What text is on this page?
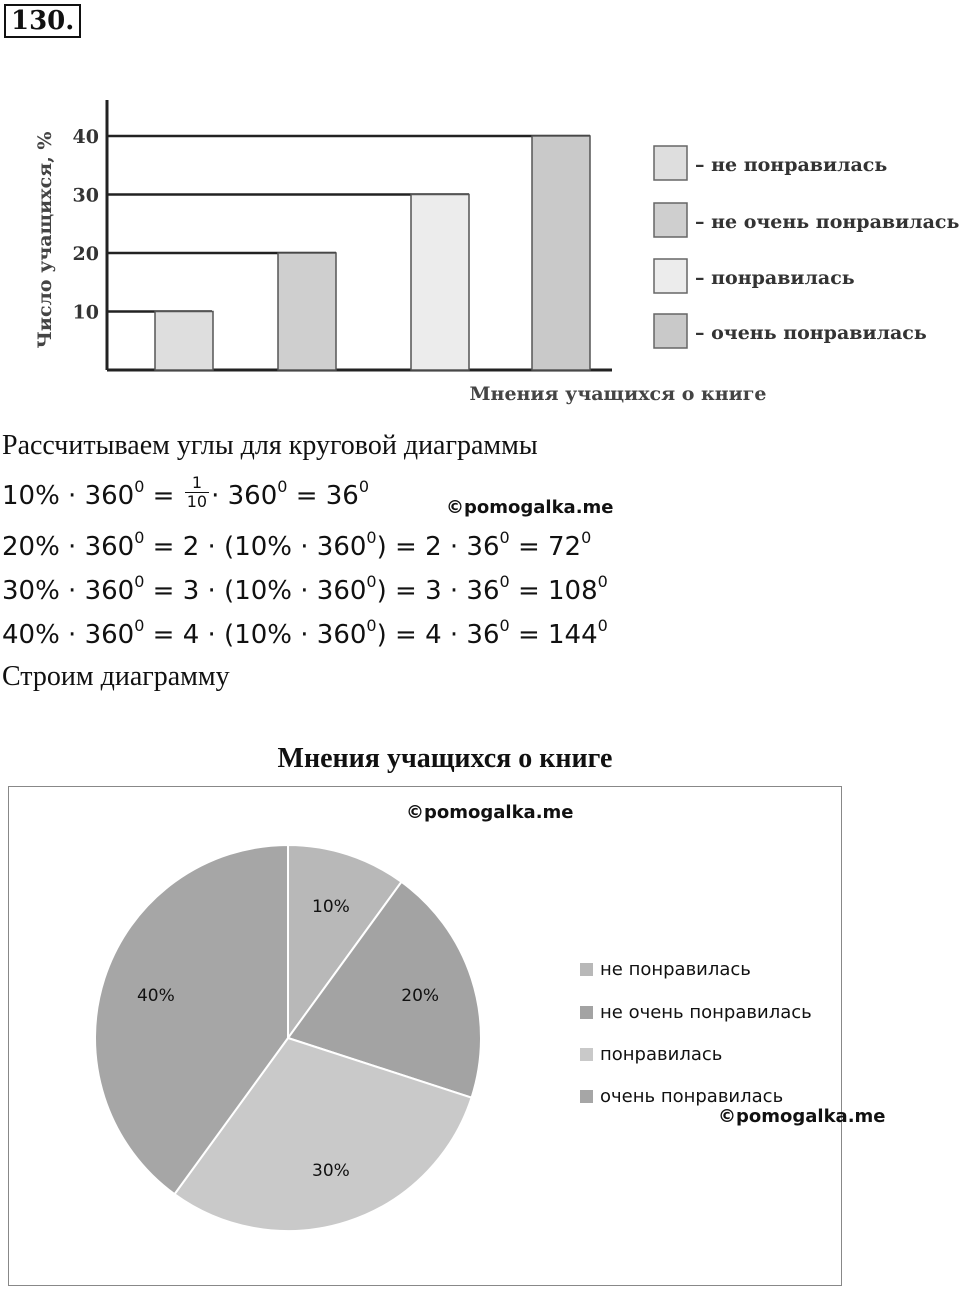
130.
10
20
30
40
Число учащихся, %
Мнения учащихся о книге
– не понравилась
– не очень понравилась
– понравилась
– очень понравилась
Рассчитываем углы для круговой диаграммы
$10\% \cdot 360^0 = \frac{1}{10} \cdot 360^0 = 36^0$
©pomogalka.me
$20\% \cdot 360^0 = 2 \cdot (10\% \cdot 360^0) = 2 \cdot 36^0 = 72^0$
$30\% \cdot 360^0 = 3 \cdot (10\% \cdot 360^0) = 3 \cdot 36^0 = 108^0$
$40\% \cdot 360^0 = 4 \cdot (10\% \cdot 360^0) = 4 \cdot 36^0 = 144^0$
Строим диаграмму
Мнения учащихся о книге
10%
20%
30%
40%
не понравилась
не очень понравилась
понравилась
очень понравилась
©pomogalka.me
©pomogalka.me
